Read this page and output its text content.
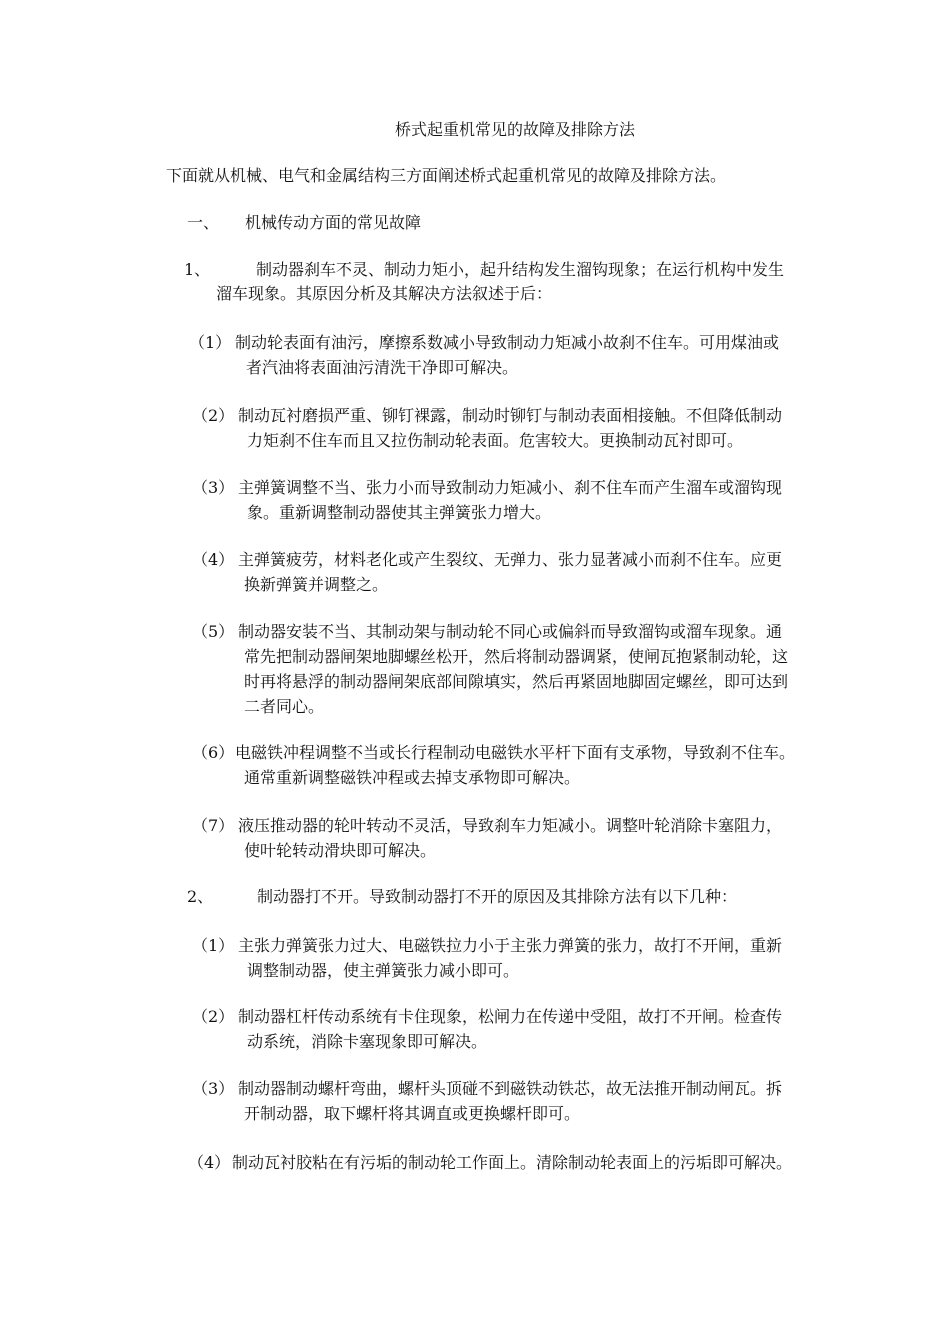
桥式起重机常见的故障及排除方法
下面就从机械、电气和金属结构三方面阐述桥式起重机常见的故障及排除方法。
一、 机械传动方面的常见故障
1、	制动器刹车不灵、制动力矩小，起升结构发生溜钩现象；在运行机构中发生
溜车现象。其原因分析及其解决方法叙述于后：
（1） 制动轮表面有油污，摩擦系数减小导致制动力矩减小故刹不住车。可用煤油或
者汽油将表面油污清洗干净即可解决。
（2） 制动瓦衬磨损严重、铆钉裸露，制动时铆钉与制动表面相接触。不但降低制动
力矩刹不住车而且又拉伤制动轮表面。危害较大。更换制动瓦衬即可。
（3） 主弹簧调整不当、张力小而导致制动力矩减小、刹不住车而产生溜车或溜钩现
象。重新调整制动器使其主弹簧张力增大。
（4） 主弹簧疲劳，材料老化或产生裂纹、无弹力、张力显著减小而刹不住车。应更
换新弹簧并调整之。
（5） 制动器安装不当、其制动架与制动轮不同心或偏斜而导致溜钩或溜车现象。通
常先把制动器闸架地脚螺丝松开，然后将制动器调紧，使闸瓦抱紧制动轮，这
时再将悬浮的制动器闸架底部间隙填实，然后再紧固地脚固定螺丝，即可达到
二者同心。
（6）电磁铁冲程调整不当或长行程制动电磁铁水平杆下面有支承物，导致刹不住车。
通常重新调整磁铁冲程或去掉支承物即可解决。
（7） 液压推动器的轮叶转动不灵活，导致刹车力矩减小。调整叶轮消除卡塞阻力，
使叶轮转动滑块即可解决。
2、	制动器打不开。导致制动器打不开的原因及其排除方法有以下几种：
（1） 主张力弹簧张力过大、电磁铁拉力小于主张力弹簧的张力，故打不开闸，重新
调整制动器，使主弹簧张力减小即可。
（2） 制动器杠杆传动系统有卡住现象，松闸力在传递中受阻，故打不开闸。检查传
动系统，消除卡塞现象即可解决。
（3） 制动器制动螺杆弯曲，螺杆头顶碰不到磁铁动铁芯，故无法推开制动闸瓦。拆
开制动器，取下螺杆将其调直或更换螺杆即可。
（4） 制动瓦衬胶粘在有污垢的制动轮工作面上。清除制动轮表面上的污垢即可解决。
